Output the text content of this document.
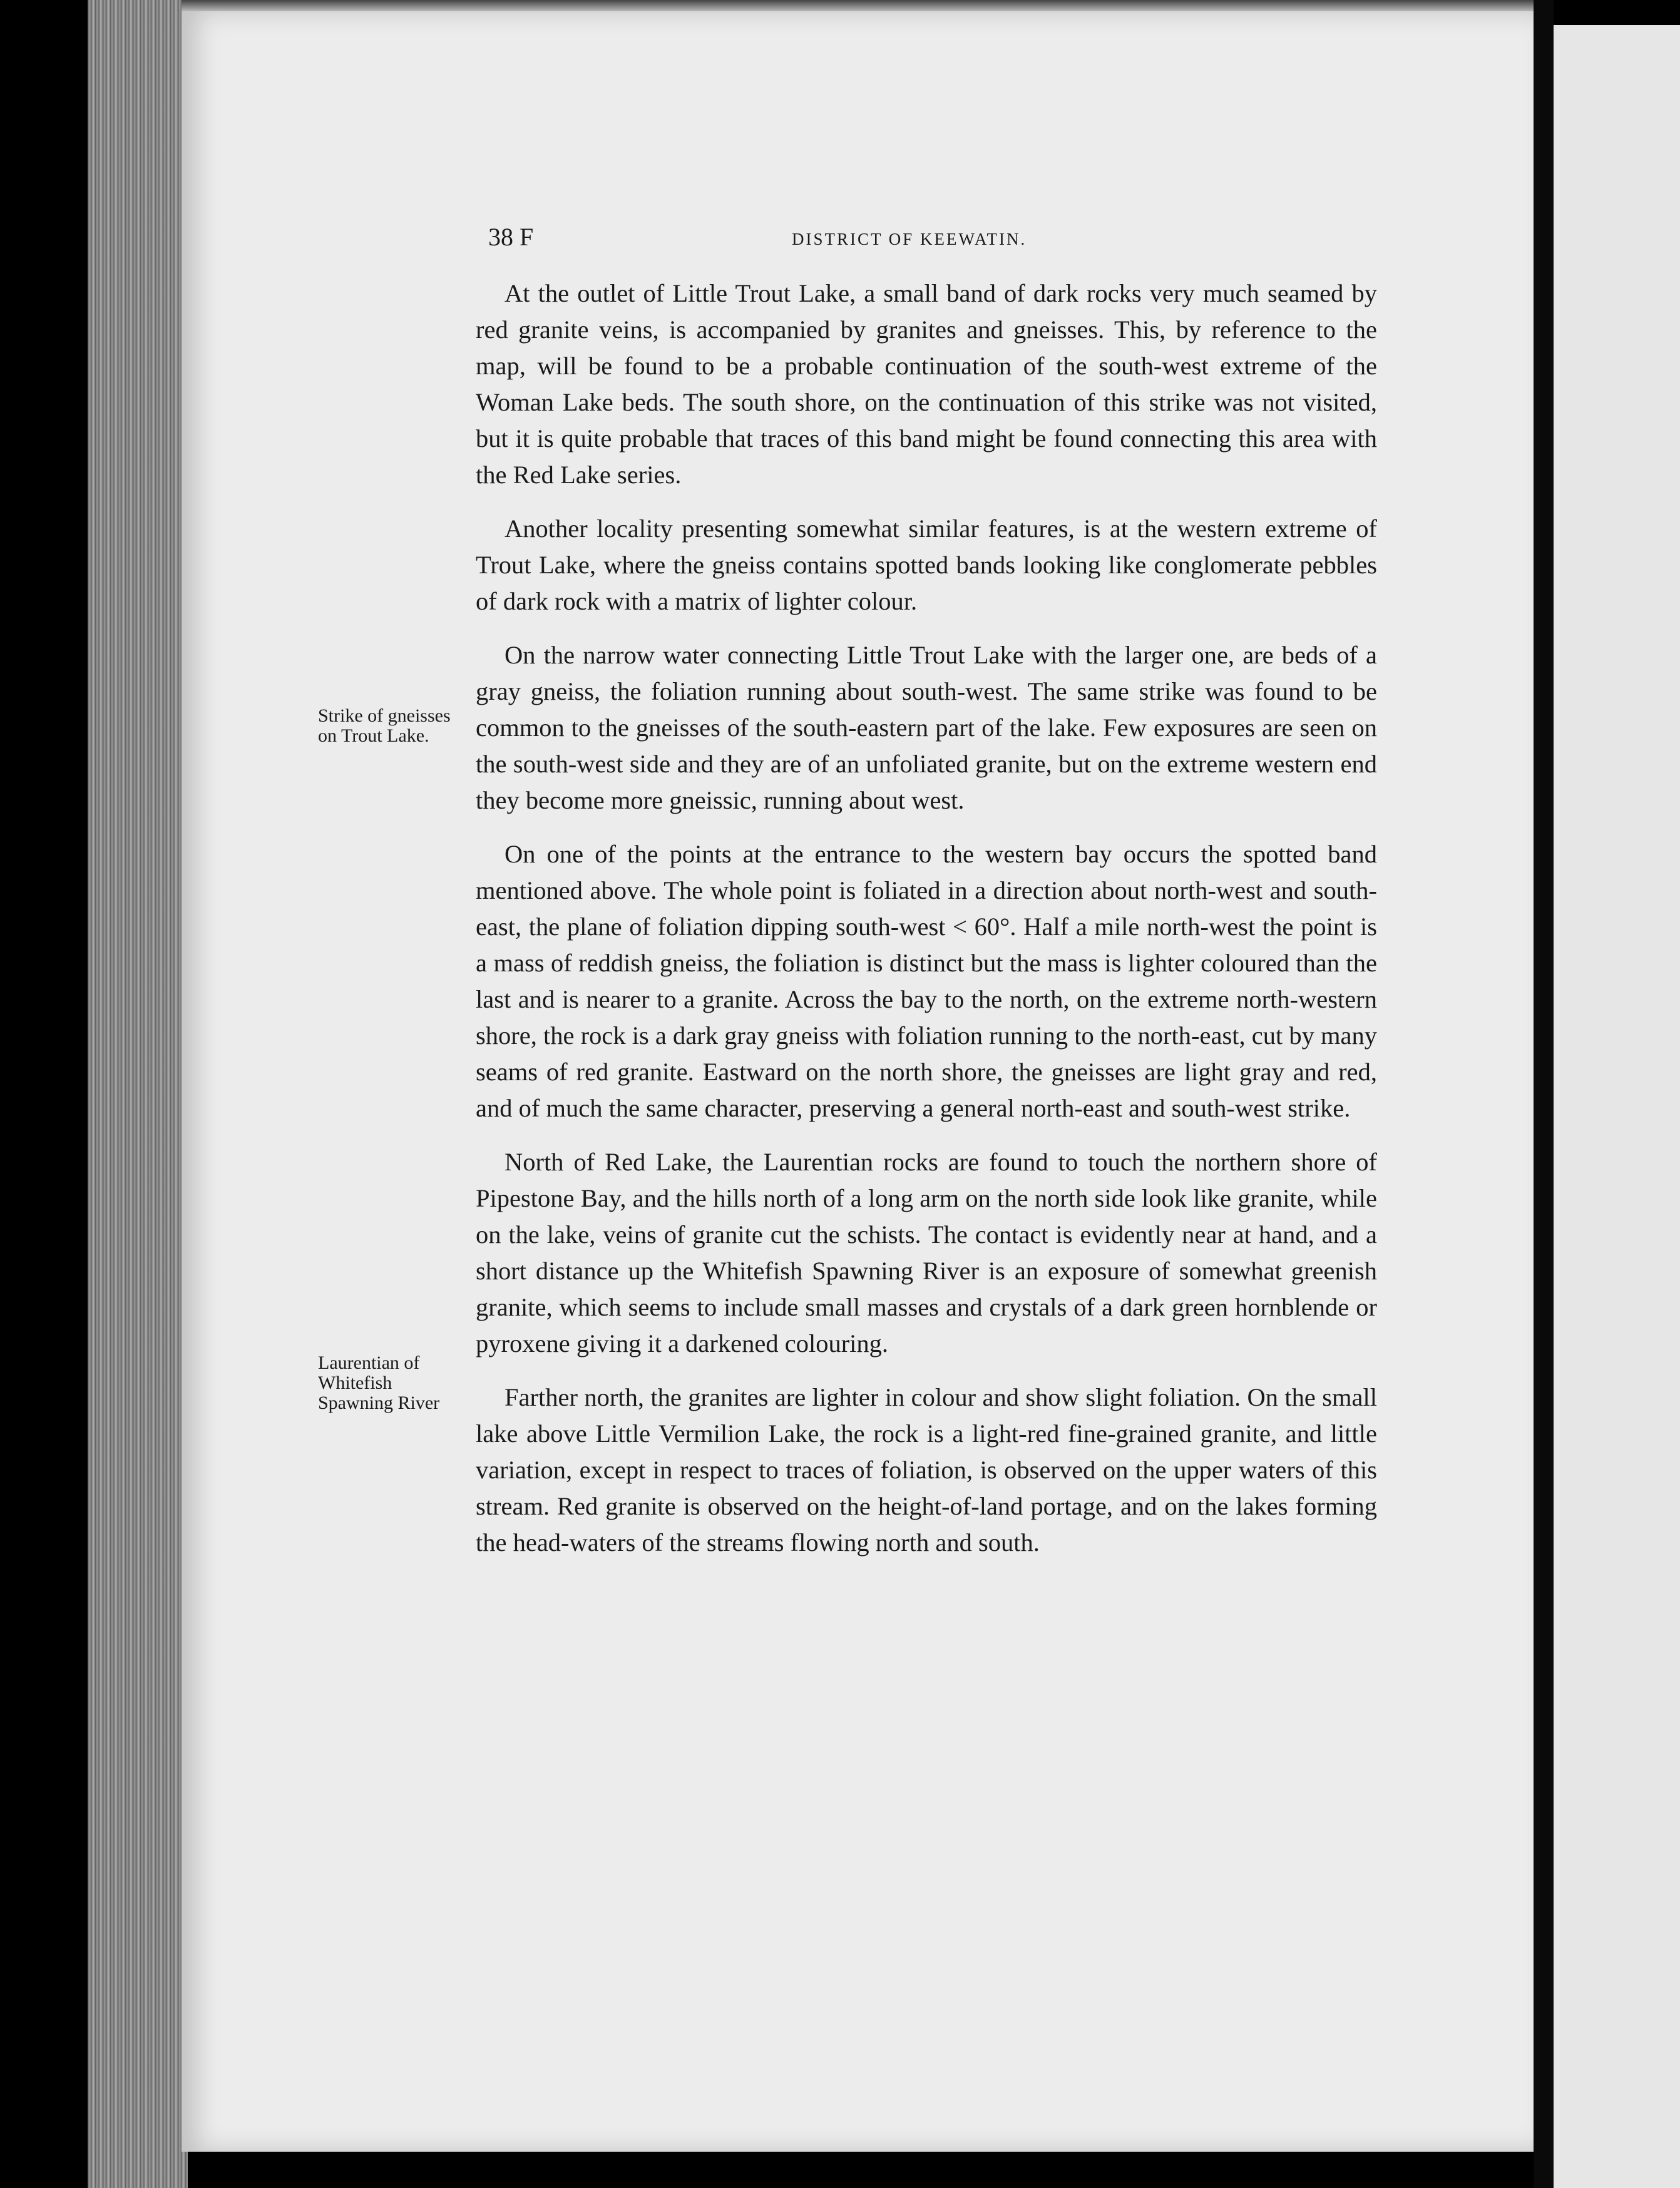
38 F	DISTRICT OF KEEWATIN.
Strike of gneisses on Trout Lake.
Laurentian of Whitefish Spawning River

At the outlet of Little Trout Lake, a small band of dark rocks very much seamed by red granite veins, is accompanied by granites and gneisses. This, by reference to the map, will be found to be a probable continuation of the south-west extreme of the Woman Lake beds. The south shore, on the continuation of this strike was not visited, but it is quite probable that traces of this band might be found connecting this area with the Red Lake series.

Another locality presenting somewhat similar features, is at the western extreme of Trout Lake, where the gneiss contains spotted bands looking like conglomerate pebbles of dark rock with a matrix of lighter colour.

On the narrow water connecting Little Trout Lake with the larger one, are beds of a gray gneiss, the foliation running about south-west. The same strike was found to be common to the gneisses of the south-eastern part of the lake. Few exposures are seen on the south-west side and they are of an unfoliated granite, but on the extreme western end they become more gneissic, running about west.

On one of the points at the entrance to the western bay occurs the spotted band mentioned above. The whole point is foliated in a direction about north-west and south-east, the plane of foliation dipping south-west < 60°. Half a mile north-west the point is a mass of reddish gneiss, the foliation is distinct but the mass is lighter coloured than the last and is nearer to a granite. Across the bay to the north, on the extreme north-western shore, the rock is a dark gray gneiss with foliation running to the north-east, cut by many seams of red granite. Eastward on the north shore, the gneisses are light gray and red, and of much the same character, preserving a general north-east and south-west strike.

North of Red Lake, the Laurentian rocks are found to touch the northern shore of Pipestone Bay, and the hills north of a long arm on the north side look like granite, while on the lake, veins of granite cut the schists. The contact is evidently near at hand, and a short distance up the Whitefish Spawning River is an exposure of somewhat greenish granite, which seems to include small masses and crystals of a dark green hornblende or pyroxene giving it a darkened colouring.

Farther north, the granites are lighter in colour and show slight foliation. On the small lake above Little Vermilion Lake, the rock is a light-red fine-grained granite, and little variation, except in respect to traces of foliation, is observed on the upper waters of this stream. Red granite is observed on the height-of-land portage, and on the lakes forming the head-waters of the streams flowing north and south.
